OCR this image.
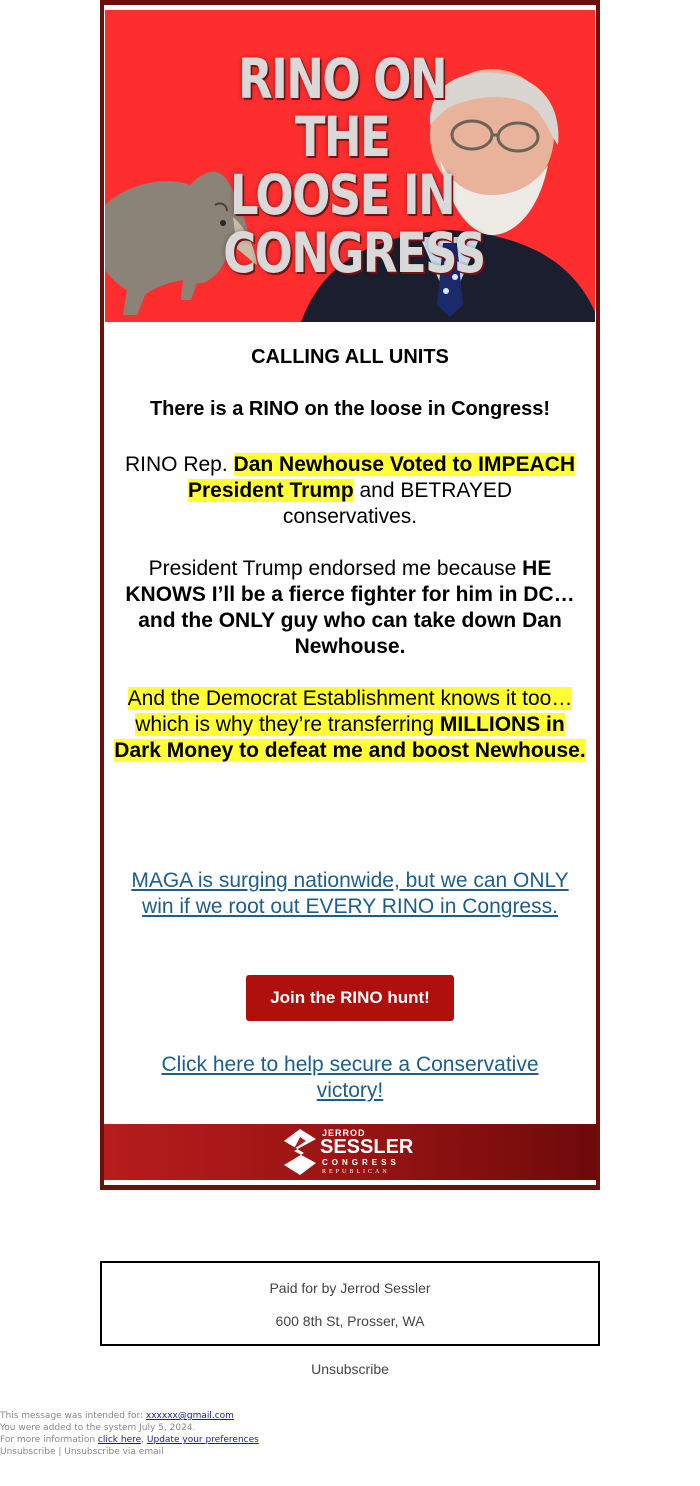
RINO ON THE
LOOSE IN
CONGRESS
CALLING ALL UNITS
There is a RINO on the loose in Congress!
RINO Rep. Dan Newhouse Voted to IMPEACH President Trump and BETRAYED conservatives.
President Trump endorsed me because HE KNOWS I’ll be a fierce fighter for him in DC… and the ONLY guy who can take down Dan Newhouse.
And the Democrat Establishment knows it too… which is why they’re transferring MILLIONS in Dark Money to defeat me and boost Newhouse.
MAGA is surging nationwide, but we can ONLY win if we root out EVERY RINO in Congress.
Join the RINO hunt!
Click here to help secure a Conservative victory!
JERROD
SESSLER
CONGRESS
REPUBLICAN
Paid for by Jerrod Sessler
600 8th St, Prosser, WA
Unsubscribe
This message was intended for: xxxxxx@gmail.com
You were added to the system July 5, 2024.
For more information click here, Update your preferences
Unsubscribe | Unsubscribe via email
